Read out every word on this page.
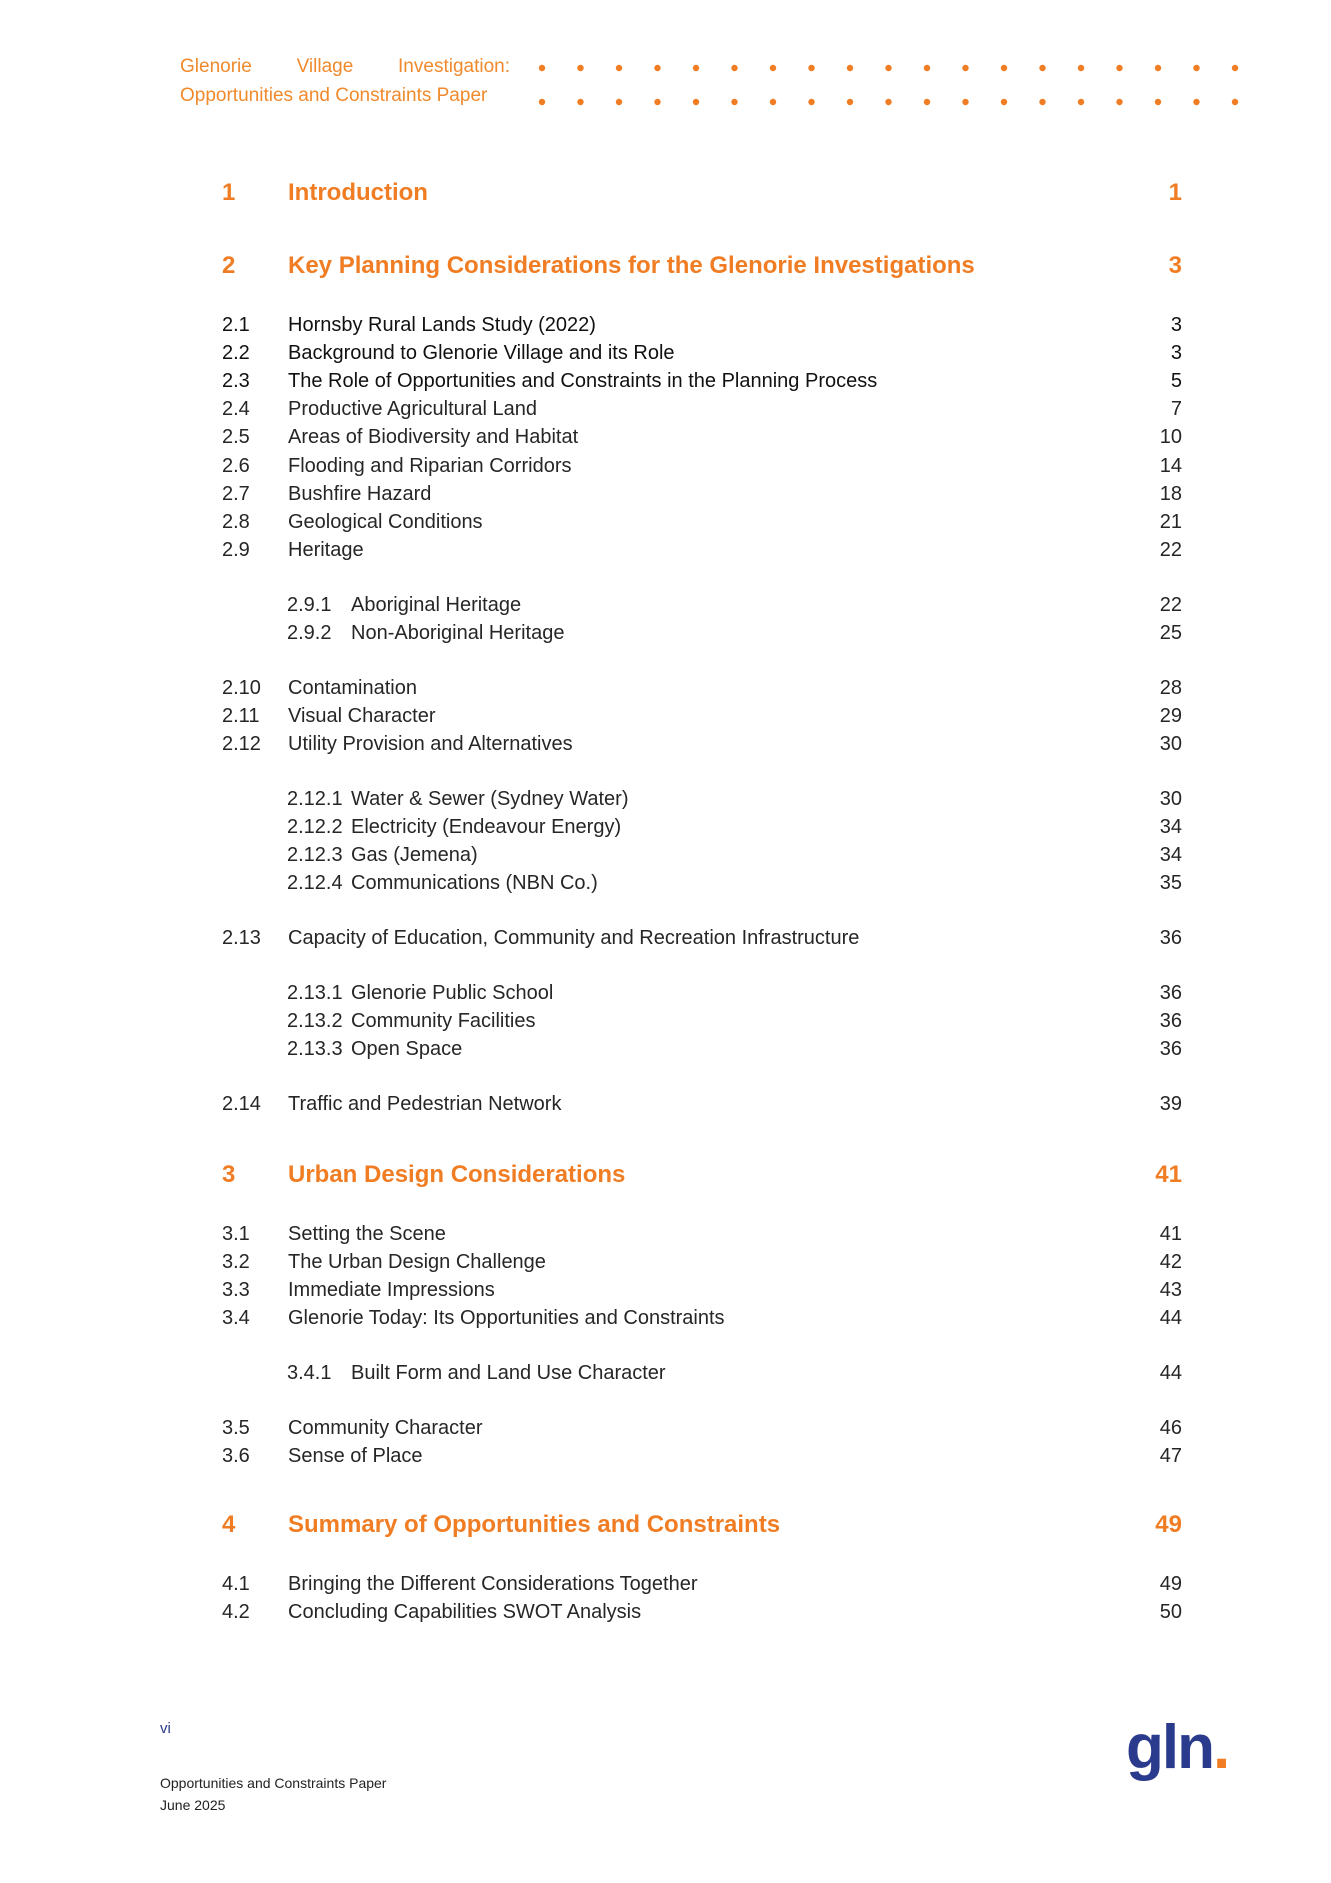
Glenorie Village Investigation:
Opportunities and Constraints Paper
1	Introduction	1
2	Key Planning Considerations for the Glenorie Investigations	3
2.1	Hornsby Rural Lands Study (2022)	3
2.2	Background to Glenorie Village and its Role	3
2.3	The Role of Opportunities and Constraints in the Planning Process	5
2.4	Productive Agricultural Land	7
2.5	Areas of Biodiversity and Habitat	10
2.6	Flooding and Riparian Corridors	14
2.7	Bushfire Hazard	18
2.8	Geological Conditions	21
2.9	Heritage	22
2.9.1 Aboriginal Heritage	22
2.9.2 Non-Aboriginal Heritage	25
2.10	Contamination	28
2.11	Visual Character	29
2.12	Utility Provision and Alternatives	30
2.12.1 Water & Sewer (Sydney Water)	30
2.12.2 Electricity (Endeavour Energy)	34
2.12.3 Gas (Jemena)	34
2.12.4 Communications (NBN Co.)	35
2.13	Capacity of Education, Community and Recreation Infrastructure	36
2.13.1 Glenorie Public School	36
2.13.2 Community Facilities	36
2.13.3 Open Space	36
2.14	Traffic and Pedestrian Network	39
3	Urban Design Considerations	41
3.1	Setting the Scene	41
3.2	The Urban Design Challenge	42
3.3	Immediate Impressions	43
3.4	Glenorie Today: Its Opportunities and Constraints	44
3.4.1 Built Form and Land Use Character	44
3.5	Community Character	46
3.6	Sense of Place	47
4	Summary of Opportunities and Constraints	49
4.1	Bringing the Different Considerations Together	49
4.2	Concluding Capabilities SWOT Analysis	50
vi
Opportunities and Constraints Paper
June 2025
gln.
